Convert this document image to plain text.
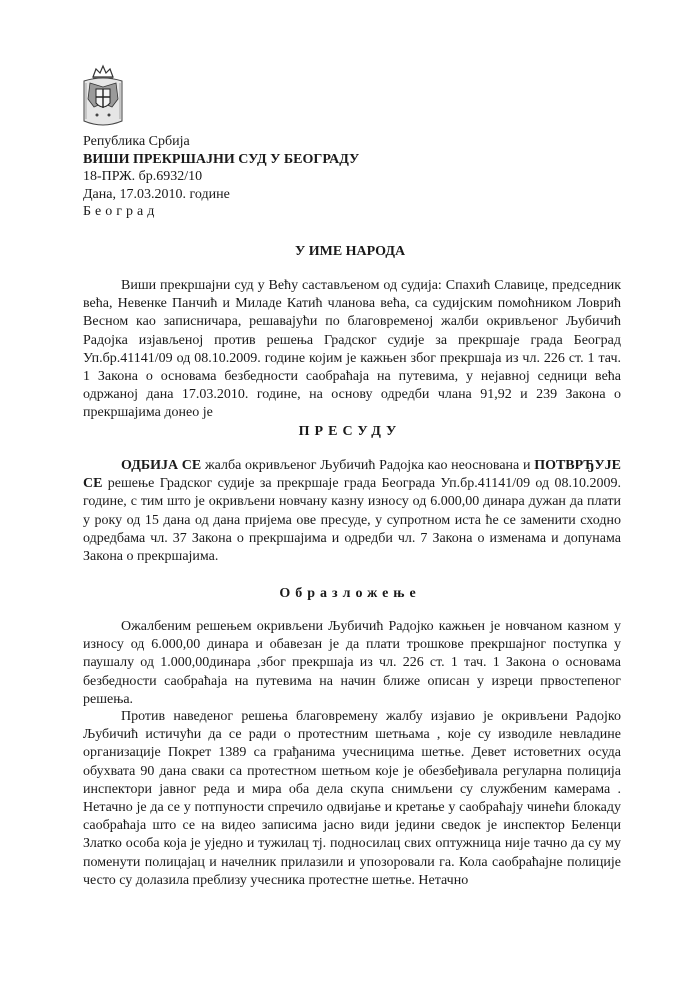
Република Србија
ВИШИ ПРЕКРШАЈНИ СУД У БЕОГРАДУ
18-ПРЖ. бр.6932/10
Дана, 17.03.2010. године
Београд
У ИМЕ НАРОДА

Виши прекршајни суд у Већу састављеном од судија: Спахић Славице, председник већа, Невенке Панчић и Миладе Катић чланова већа, са судијским помоћником Ловрић Весном као записничара, решавајући по благовременој жалби окривљеног Љубичић Радојка изјављеној против решења Градског судије за прекршаје града Београд Уп.бр.41141/09 од 08.10.2009. године којим је кажњен због прекршаја из чл. 226 ст. 1 тач. 1 Закона о основама безбедности саобраћаја на путевима, у нејавној седници већа одржаној дана 17.03.2010. године, на основу одредби члана 91,92 и 239 Закона о прекршајима донео је

ПРЕСУДУ

ОДБИЈА СЕ жалба окривљеног Љубичић Радојка као неоснована и ПОТВРЂУЈЕ СЕ решење Градског судије за прекршаје града Београда Уп.бр.41141/09 од 08.10.2009. године, с тим што је окривљени новчану казну износу од 6.000,00 динара дужан да плати у року од 15 дана од дана пријема ове пресуде, у супротном иста ће се заменити сходно одредбама чл. 37 Закона о прекршајима и одредби чл. 7 Закона о изменама и допунама Закона о прекршајима.

Образложење

Ожалбеним решењем окривљени Љубичић Радојко кажњен је новчаном казном у износу од 6.000,00 динара и обавезан је да плати трошкове прекршајног поступка у паушалу од 1.000,00динара ,због прекршаја из чл. 226 ст. 1 тач. 1 Закона о основама безбедности саобраћаја на путевима на начин ближе описан у изреци првостепеног решења.

Против наведеног решења благовремену жалбу изјавио је окривљени Радојко Љубичић истичући да се ради о протестним шетњама , које су изводиле невладине организације Покрет 1389 са грађанима учесницима шетње. Девет истоветних осуда обухвата 90 дана сваки са протестном шетњом које је обезбеђивала регуларна полиција инспектори јавног реда и мира оба дела скупа снимљени су службеним камерама . Нетачно је да се у потпуности спречило одвијање и кретање у саобраћају чинећи блокаду саобраћаја што се на видео записима јасно види једини сведок је инспектор Беленци Златко особа која је уједно и тужилац тј. подносилац свих оптужница није тачно да су му поменути полицајац и начелник прилазили и упозоровали га. Кола саобраћајне полиције често су долазила преблизу учесника протестне шетње. Нетачно
